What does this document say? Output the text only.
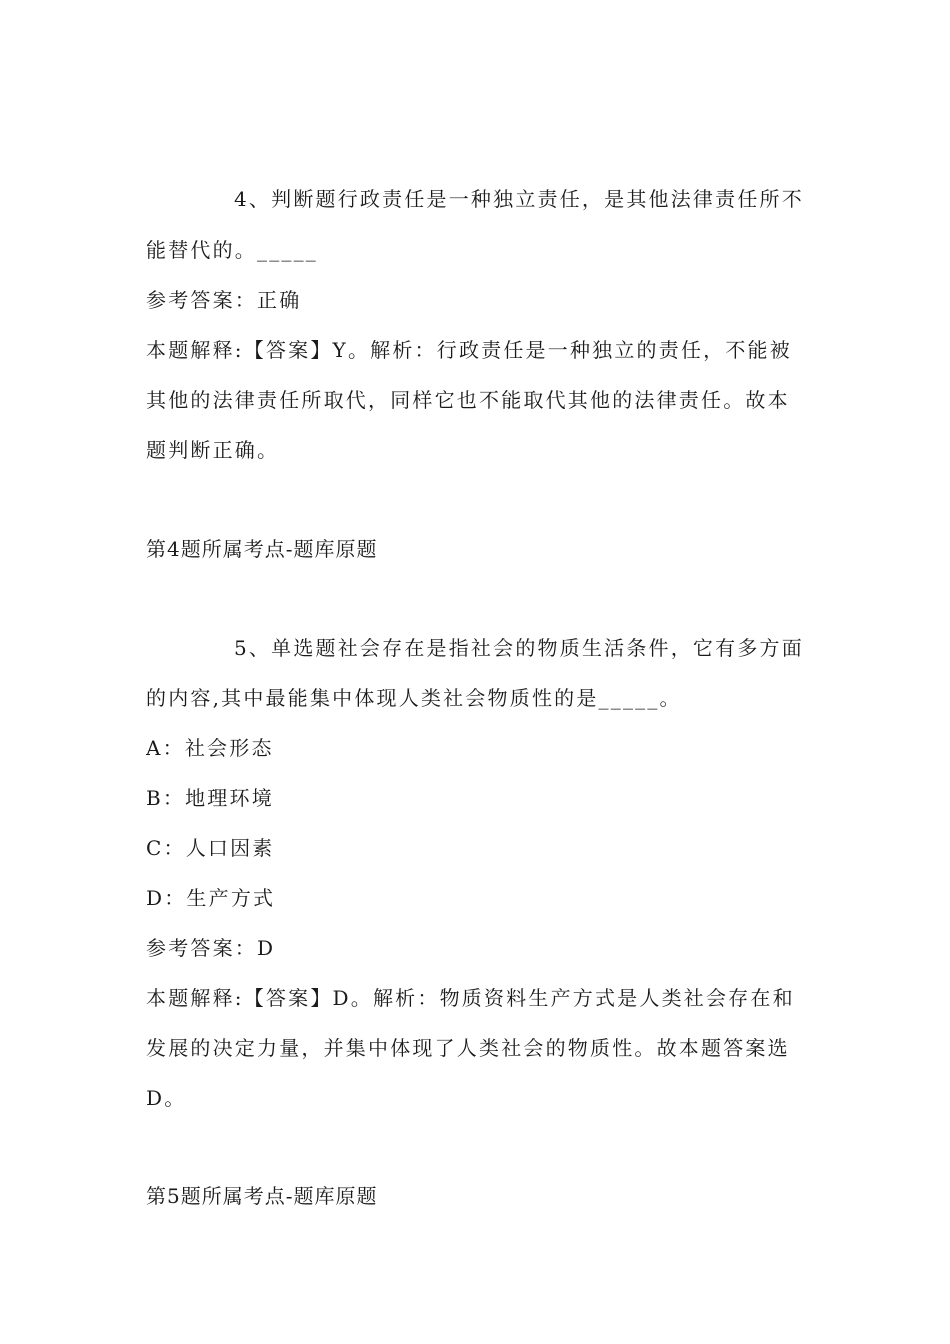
4、判断题行政责任是一种独立责任，是其他法律责任所不
能替代的。_____
参考答案：正确
本题解释:【答案】Y。解析：行政责任是一种独立的责任，不能被
其他的法律责任所取代，同样它也不能取代其他的法律责任。故本
题判断正确。
第4题所属考点-题库原题
5、单选题社会存在是指社会的物质生活条件，它有多方面
的内容,其中最能集中体现人类社会物质性的是_____。
A：社会形态
B：地理环境
C：人口因素
D：生产方式
参考答案：D
本题解释:【答案】D。解析：物质资料生产方式是人类社会存在和
发展的决定力量，并集中体现了人类社会的物质性。故本题答案选
D。
第5题所属考点-题库原题
